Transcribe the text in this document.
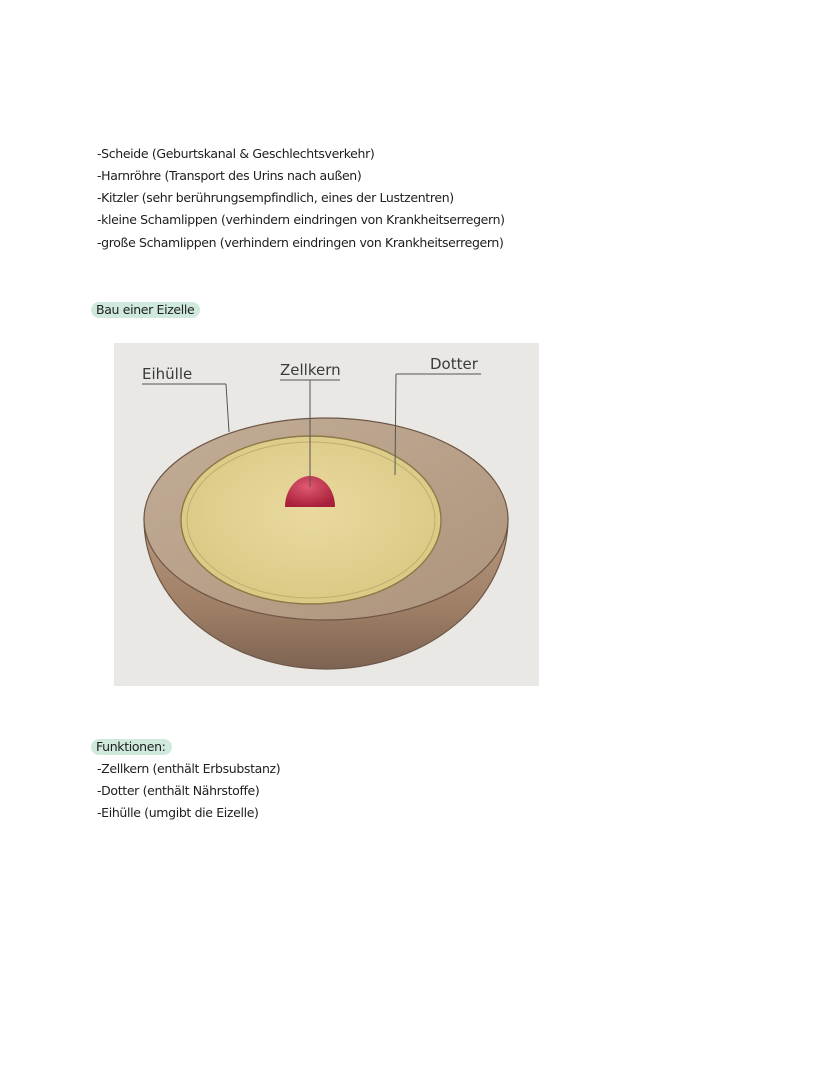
-Scheide (Geburtskanal & Geschlechtsverkehr)
-Harnröhre (Transport des Urins nach außen)
-Kitzler (sehr berührungsempfindlich, eines der Lustzentren)
-kleine Schamlippen (verhindern eindringen von Krankheitserregern)
-große Schamlippen (verhindern eindringen von Krankheitserregern)
Bau einer Eizelle
Eihülle	Zellkern	Dotter
Funktionen:
-Zellkern (enthält Erbsubstanz)
-Dotter (enthält Nährstoffe)
-Eihülle (umgibt die Eizelle)
